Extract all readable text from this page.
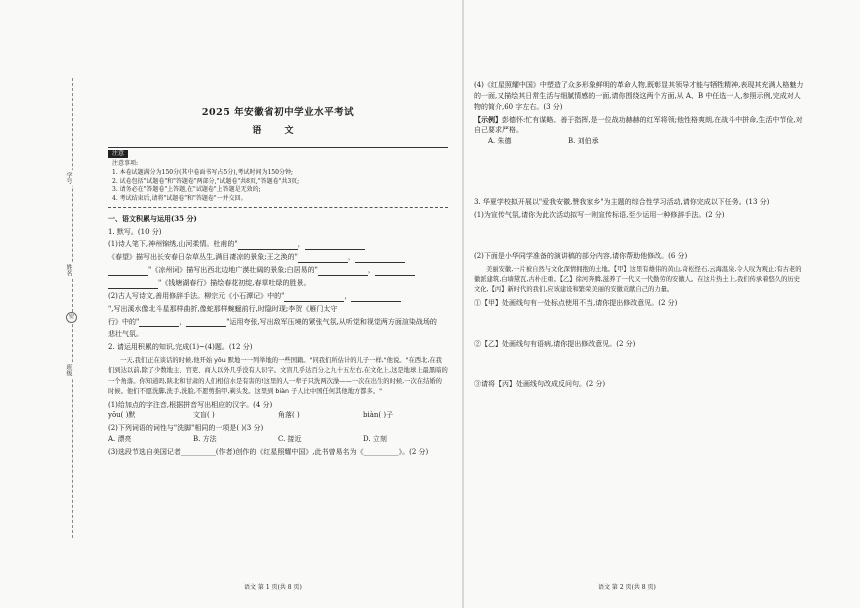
学号
姓名
密
班级
2025 年安徽省初中学业水平考试
语 文
注意
注意事项:
1. 本卷试题满分为150分(其中卷面书写占5分),考试时间为150分钟;
2. 试卷包括"试题卷"和"答题卷"两部分,"试题卷"共8页,"答题卷"共3页;
3. 请务必在"答题卷"上答题,在"试题卷"上答题是无效的;
4. 考试结束后,请将"试题卷"和"答题卷"一并交回。
一、语文积累与运用(35 分)
1. 默写。(10 分)
(1)诗人笔下,神州锦绣,山河柔情。杜甫的"	，
《春望》描写出长安春日杂草丛生,满目凄凉的景象;王之涣的"	，
"《凉州词》描写出西北边地广漠壮阔的景象;白居易的"	，
"《钱塘湖春行》描绘春花初绽,春草吐绿的胜景。
(2)古人写诗文,善用修辞手法。柳宗元《小石潭记》中的"	，
",写出溪水像北斗星那样曲折,像蛇那样蜿蜒前行,时隐时现;李贺《雁门太守
行》中的"	，	"运用夸张,写出敌军压境的紧张气氛,从听觉和视觉两方面渲染战场的
悲壮气氛。
2. 请运用积累的知识,完成(1)~(4)题。(12 分)
一天,我们正在谈话的时候,他开始 yōu 默地一一列举地的一些国籍。"同我们所估计的儿子一样,"他说。"在西北,在我们到达以前,除了少数地主、官吏、商人以外几乎没有人识字。文盲几乎达百分之九十五左右,在文化上,这是地球上最黑暗的一个角落。你知道吗,陕北和甘肃的人们相信水是有害的!这里的人一辈子只洗两次澡——一次在出生的时候,一次在结婚的时候。他们不愿洗脚,洗手,洗脸,不愿剪指甲,剃头发。这里到 biàn 子人比中国任何其他地方都多。"
(1)给加点的字注音,根据拼音写出相应的汉字。(4 分)
yōu( )默	文盲( )	角落( )	biàn( )子
(2)下列词语的词性与"洗脚"相同的一项是( )(3 分)
A. 漂亮	B. 方法	C. 接近	D. 立刻
(3)选段节选自美国记者__________(作者)创作的《红星照耀中国》,此书曾易名为《__________》。(2 分)
语文 第 1 页(共 8 页)
(4)《红星照耀中国》中塑造了众多形象鲜明的革命人物,既彰显其领导才能与牺牲精神,表现其充满人格魅力的一面,又描绘其日常生活与细腻情感的一面,请你围绕这两个方面,从 A、B 中任选一人,参照示例,完成对人物的简介,60 字左右。(3 分)
【示例】彭德怀:忙有谋略、善于指挥,是一位战功赫赫的红军将领;他性格爽朗,在战斗中拼命,生活中节俭,对自己要求严格。
A. 朱德	B. 刘伯承
3. 华夏学校拟开展以"爱我安徽,赞我家乡"为主题的综合性学习活动,请你完成以下任务。(13 分)
(1)为宣传气氛,请你为此次活动拟写一则宣传标语,至少运用一种修辞手法。(2 分)
(2)下面是小华同学准备的演讲稿的部分内容,请你帮助他修改。(6 分)
美丽安徽,一片被自然与文化深情拥抱的土地。【甲】这里有雄伟的黄山,奇松怪石,云海温泉,令人叹为观止;有古老的徽派建筑,白墙黛瓦,古朴庄重。【乙】徐河奔腾,滋养了一代又一代勤劳的安徽人。在这片热土上,我们传承着悠久的历史文化,【丙】新时代的我们,应该建设和繁荣美丽的安徽贡献自己的力量。
①【甲】处画线句有一处标点使用不当,请你提出修改意见。(2 分)
②【乙】处画线句有语病,请你提出修改意见。(2 分)
③请将【丙】处画线句改成反问句。(2 分)
语文 第 2 页(共 8 页)
